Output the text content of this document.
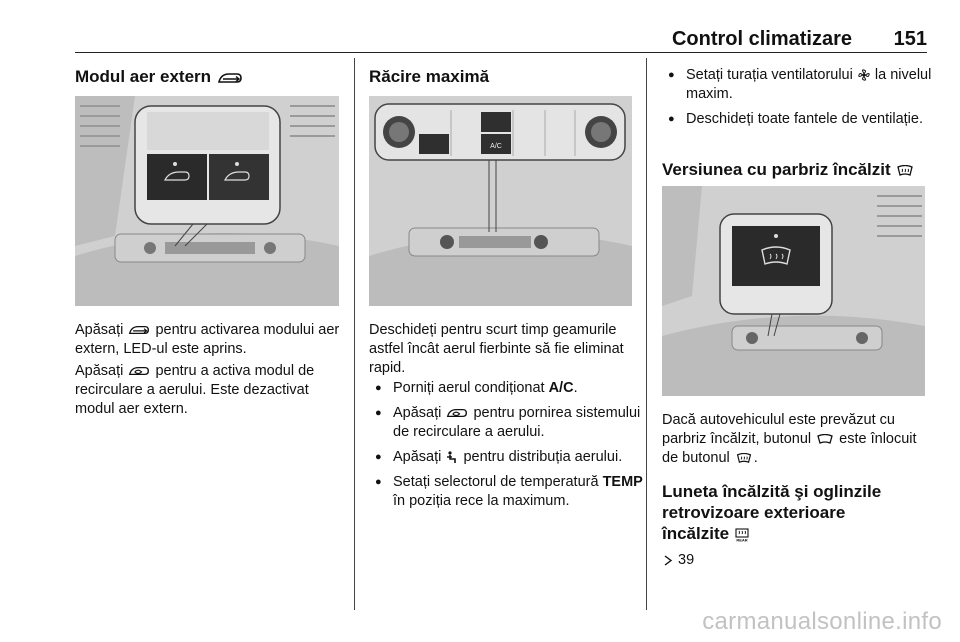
Control climatizare 151
Modul aer extern

Apăsați pentru activarea modului aer extern, LED-ul este aprins.

Apăsați pentru a activa modul de recirculare a aerului. Este dezactivat modul aer extern.

Răcire maximă
A/C

Deschideți pentru scurt timp geamurile astfel încât aerul fierbinte să fie eliminat rapid.

● Porniți aerul condiționat A/C.
● Apăsați pentru pornirea sistemului de recirculare a aerului.
● Apăsați pentru distribuția aerului.
● Setați selectorul de temperatură TEMP în poziția rece la maximum.
● Setați turația ventilatorului la nivelul maxim.
● Deschideți toate fantele de ventilație.
Versiunea cu parbriz încălzit

Dacă autovehiculul este prevăzut cu parbriz încălzit, butonul este înlocuit de butonul .

Luneta încălzită şi oglinzile
retrovizoare exterioare
încălzite REAR

39

carmanualsonline.info
